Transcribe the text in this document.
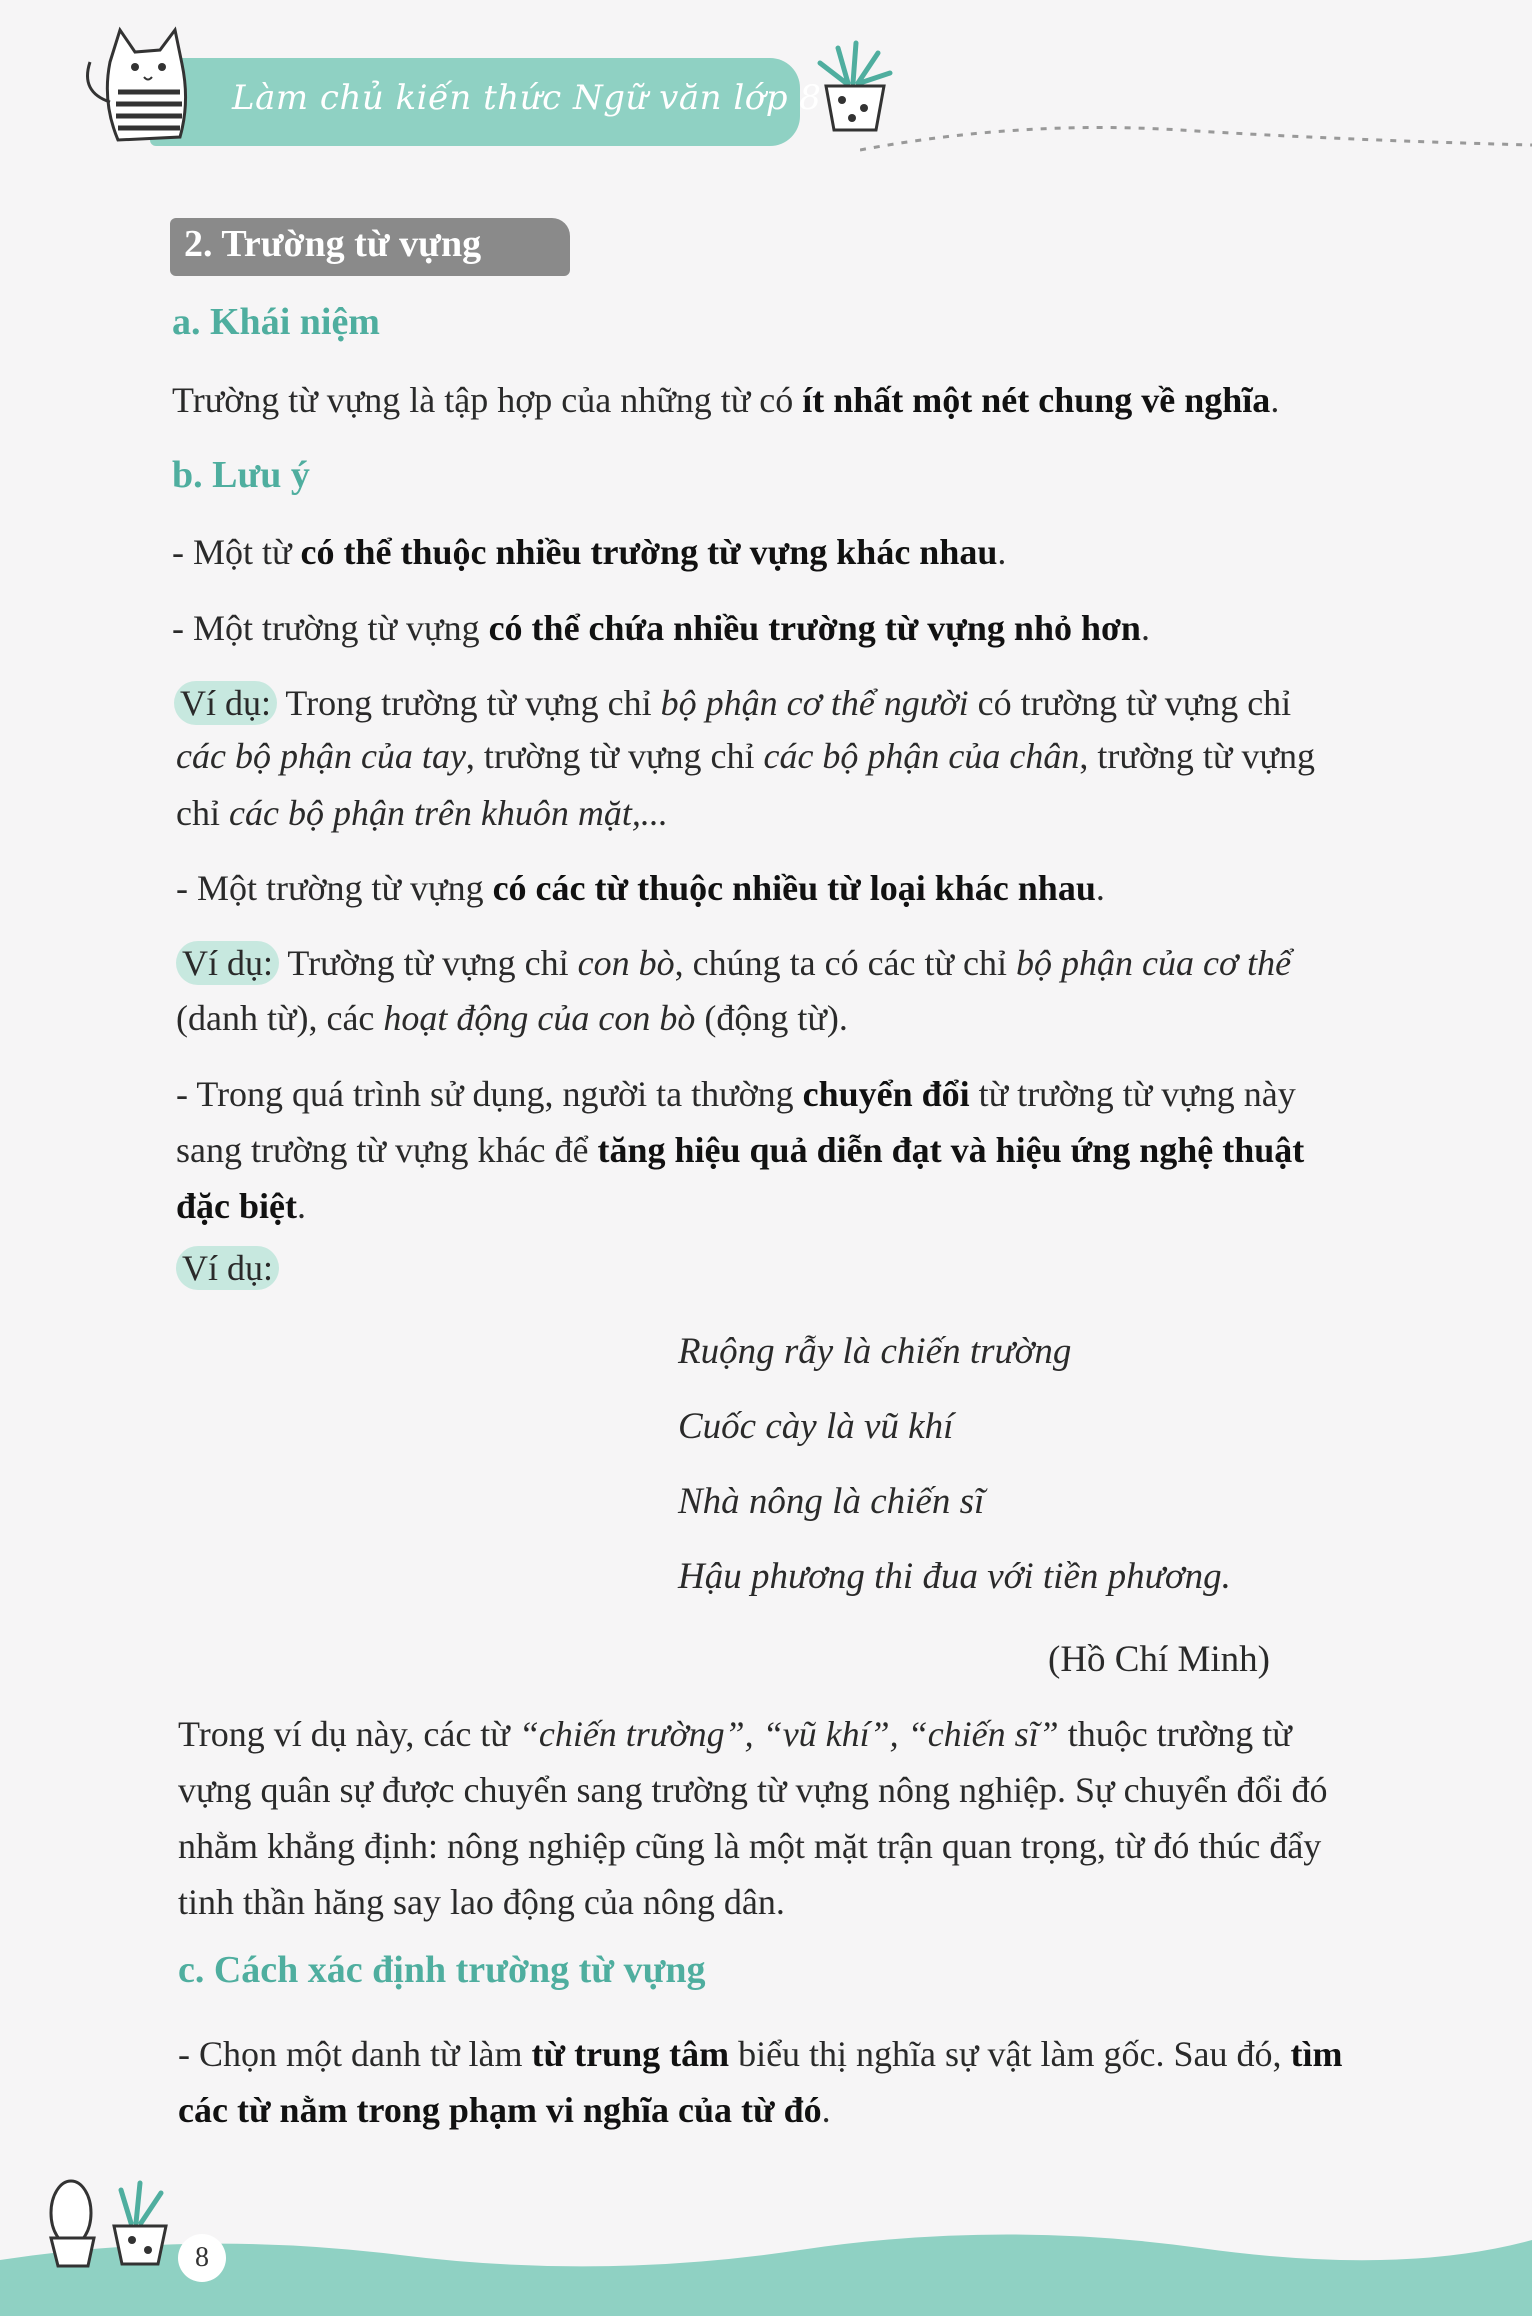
Làm chủ kiến thức Ngữ văn lớp 8
2. Trường từ vựng
a. Khái niệm
Trường từ vựng là tập hợp của những từ có ít nhất một nét chung về nghĩa.
b. Lưu ý
- Một từ có thể thuộc nhiều trường từ vựng khác nhau.
- Một trường từ vựng có thể chứa nhiều trường từ vựng nhỏ hơn.
Ví dụ: Trong trường từ vựng chỉ bộ phận cơ thể người có trường từ vựng chỉ
các bộ phận của tay, trường từ vựng chỉ các bộ phận của chân, trường từ vựng
chỉ các bộ phận trên khuôn mặt,...
- Một trường từ vựng có các từ thuộc nhiều từ loại khác nhau.
Ví dụ: Trường từ vựng chỉ con bò, chúng ta có các từ chỉ bộ phận của cơ thể
(danh từ), các hoạt động của con bò (động từ).
- Trong quá trình sử dụng, người ta thường chuyển đổi từ trường từ vựng này
sang trường từ vựng khác để tăng hiệu quả diễn đạt và hiệu ứng nghệ thuật
đặc biệt.
Ví dụ:
Ruộng rẫy là chiến trường
Cuốc cày là vũ khí
Nhà nông là chiến sĩ
Hậu phương thi đua với tiền phương.
(Hồ Chí Minh)
Trong ví dụ này, các từ “chiến trường”, “vũ khí”, “chiến sĩ” thuộc trường từ
vựng quân sự được chuyển sang trường từ vựng nông nghiệp. Sự chuyển đổi đó
nhằm khẳng định: nông nghiệp cũng là một mặt trận quan trọng, từ đó thúc đẩy
tinh thần hăng say lao động của nông dân.
c. Cách xác định trường từ vựng
- Chọn một danh từ làm từ trung tâm biểu thị nghĩa sự vật làm gốc. Sau đó, tìm
các từ nằm trong phạm vi nghĩa của từ đó.
8
